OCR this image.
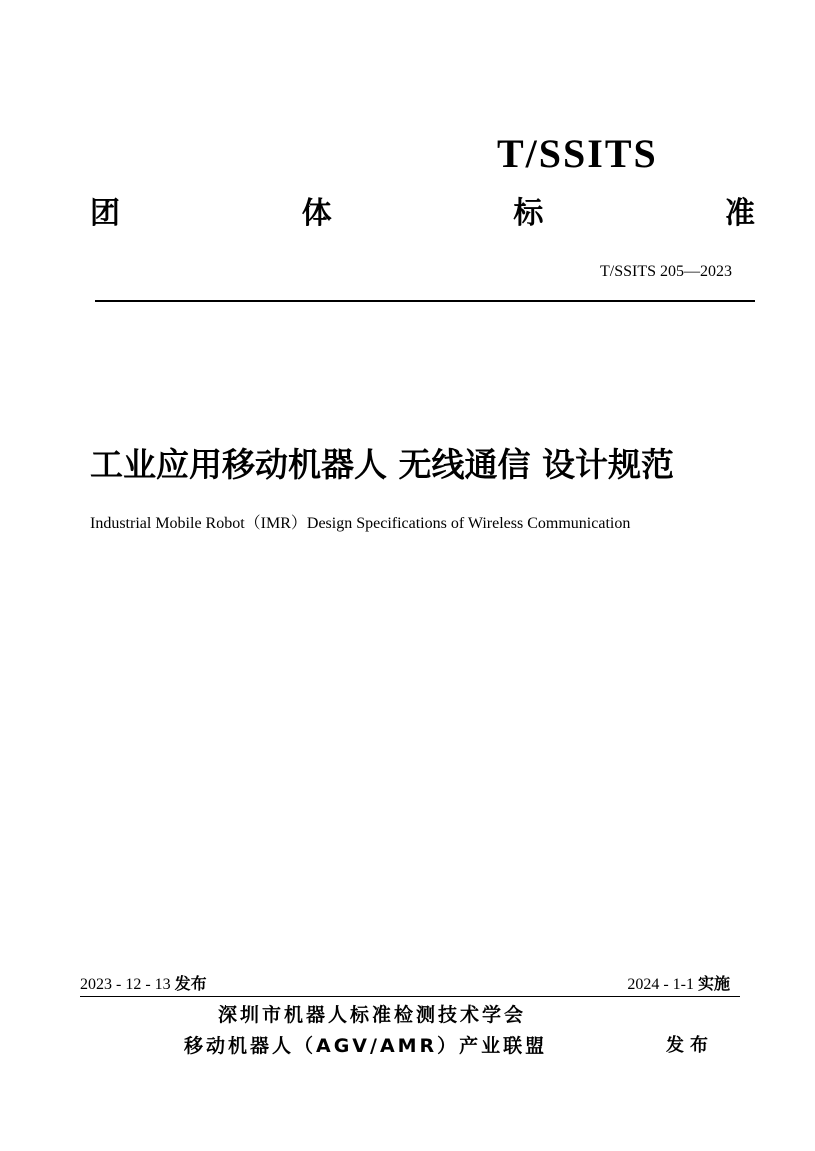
T/SSITS
团	体	标	准
T/SSITS 205—2023
工业应用移动机器人 无线通信 设计规范
Industrial Mobile Robot（IMR）Design Specifications of Wireless Communication
2023 - 12 - 13 发布	2024 - 1-1 实施
深圳市机器人标准检测技术学会
移动机器人（AGV/AMR）产业联盟	发布
